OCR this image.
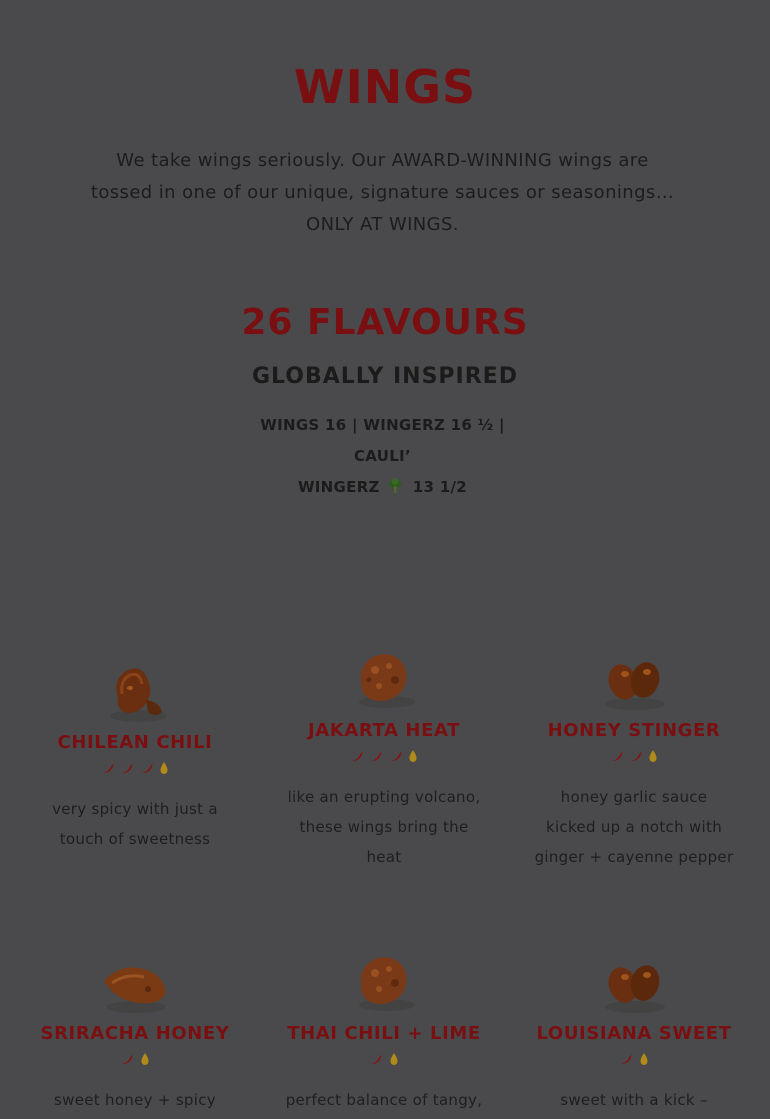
WINGS
We take wings seriously. Our AWARD-WINNING wings are tossed in one of our unique, signature sauces or seasonings…ONLY AT WINGS.
26 FLAVOURS
GLOBALLY INSPIRED
WINGS 16 | WINGERZ 16 ½ | CAULI’
WINGERZ 13 1/2
CHILEAN CHILI

very spicy with just a touch of sweetness
JAKARTA HEAT

like an erupting volcano, these wings bring the heat
HONEY STINGER

honey garlic sauce kicked up a notch with ginger + cayenne pepper
SRIRACHA HONEY

sweet honey + spicy
THAI CHILI + LIME

perfect balance of tangy,
LOUISIANA SWEET

sweet with a kick –
